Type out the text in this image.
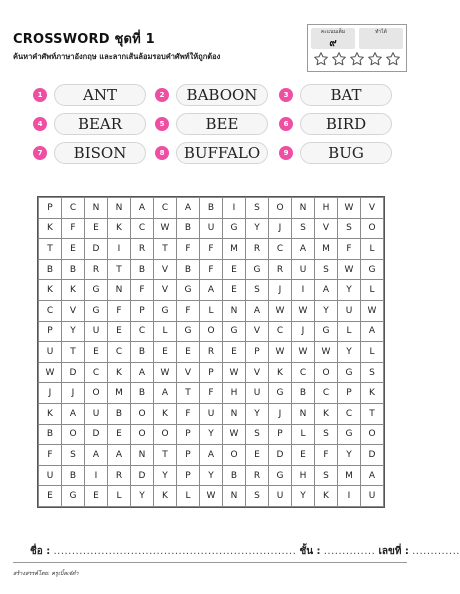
CROSSWORD ชุดที่ 1
ค้นหาคำศัพท์ภาษาอังกฤษ และลากเส้นล้อมรอบคำศัพท์ให้ถูกต้อง
คะแนนเต็ม
๙
ทำได้
1	ANT	2	BABOON	3	BAT
4	BEAR	5	BEE	6	BIRD
7	BISON	8	BUFFALO	9	BUG
P	C	N	N	A	C	A	B	I	S	O	N	H	W	V
K	F	E	K	C	W	B	U	G	Y	J	S	V	S	O
T	E	D	I	R	T	F	F	M	R	C	A	M	F	L
B	B	R	T	B	V	B	F	E	G	R	U	S	W	G
K	K	G	N	F	V	G	A	E	S	J	I	A	Y	L
C	V	G	F	P	G	F	L	N	A	W	W	Y	U	W
P	Y	U	E	C	L	G	O	G	V	C	J	G	L	A
U	T	E	C	B	E	E	R	E	P	W	W	W	Y	L
W	D	C	K	A	W	V	P	W	V	K	C	O	G	S
J	J	O	M	B	A	T	F	H	U	G	B	C	P	K
K	A	U	B	O	K	F	U	N	Y	J	N	K	C	T
B	O	D	E	O	O	P	Y	W	S	P	L	S	G	O
F	S	A	A	N	T	P	A	O	E	D	E	F	Y	D
U	B	I	R	D	Y	P	Y	B	R	G	H	S	M	A
E	G	E	L	Y	K	L	W	N	S	U	Y	K	I	U
ชื่อ : .................................................................. ชั้น : .............. เลขที่ : .............
สร้างสรรค์โดย: ครูเบิ้ลเจ๋ดำ
